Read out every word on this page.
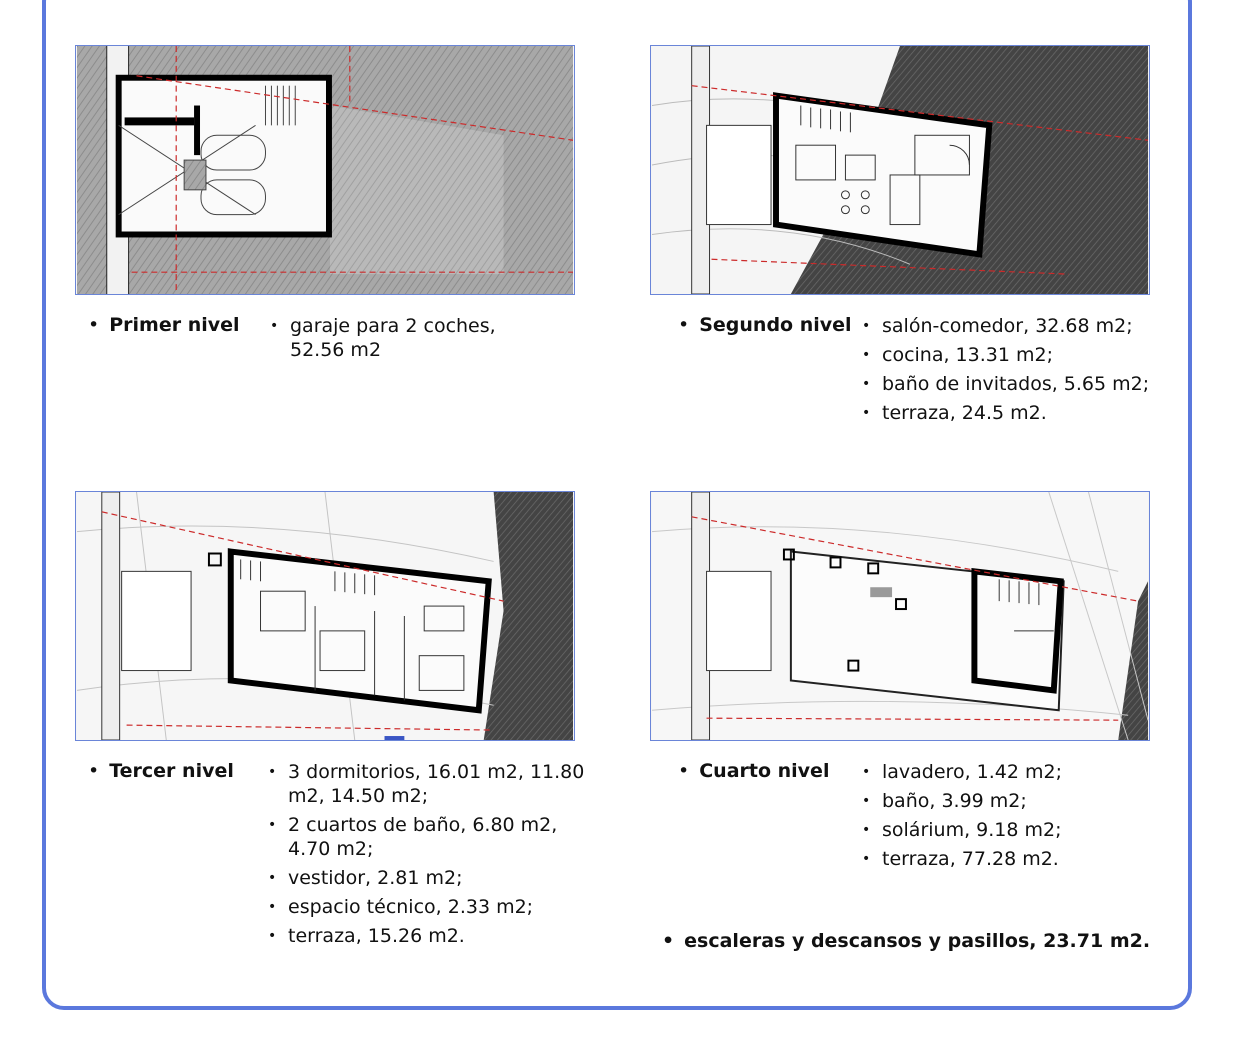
• Primer nivel	• garaje para 2 coches, 52.56 m2
• Segundo nivel	• salón-comedor, 32.68 m2;
• cocina, 13.31 m2;
• baño de invitados, 5.65 m2;
• terraza, 24.5 m2.
• Tercer nivel	• 3 dormitorios, 16.01 m2, 11.80 m2, 14.50 m2;
• 2 cuartos de baño, 6.80 m2, 4.70 m2;
• vestidor, 2.81 m2;
• espacio técnico, 2.33 m2;
• terraza, 15.26 m2.
• Cuarto nivel	• lavadero, 1.42 m2;
• baño, 3.99 m2;
• solárium, 9.18 m2;
• terraza, 77.28 m2.
• escaleras y descansos y pasillos, 23.71 m2.
